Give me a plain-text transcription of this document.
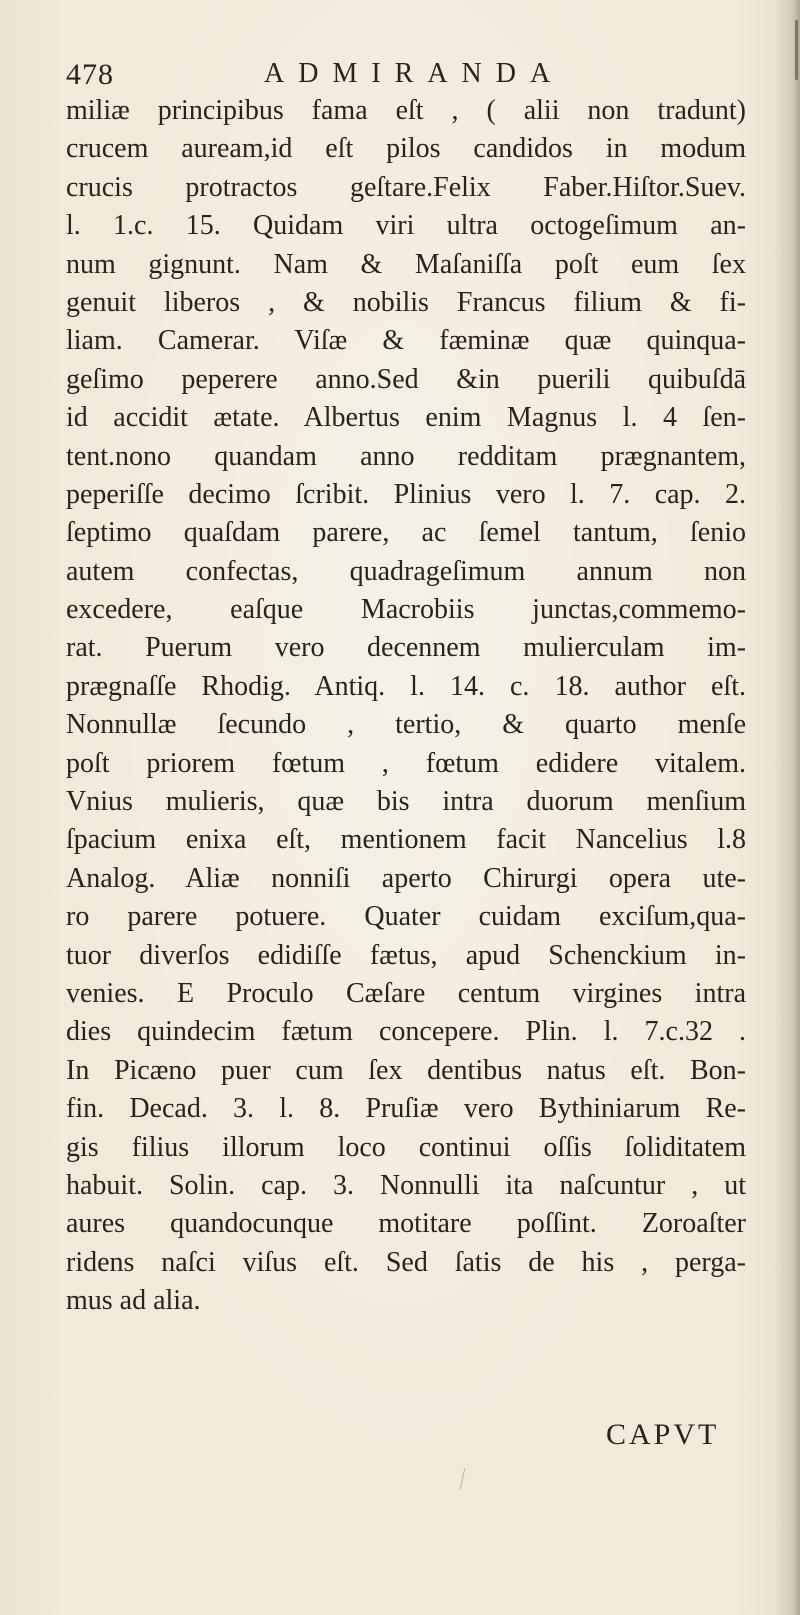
478	ADMIRANDA
miliæ principibus fama eſt , ( alii non tradunt)
crucem auream,id eſt pilos candidos in modum
crucis protractos geſtare.Felix Faber.Hiſtor.Suev.
l. 1.c. 15. Quidam viri ultra octogeſimum an-
num gignunt. Nam & Maſaniſſa poſt eum ſex
genuit liberos , & nobilis Francus filium & fi-
liam. Camerar. Viſæ & fæminæ quæ quinqua-
geſimo peperere anno.Sed &in puerili quibuſdā
id accidit ætate. Albertus enim Magnus l. 4 ſen-
tent.nono quandam anno redditam prægnantem,
peperiſſe decimo ſcribit. Plinius vero l. 7. cap. 2.
ſeptimo quaſdam parere, ac ſemel tantum, ſenio
autem confectas, quadrageſimum annum non
excedere, eaſque Macrobiis junctas,commemo-
rat. Puerum vero decennem mulierculam im-
prægnaſſe Rhodig. Antiq. l. 14. c. 18. author eſt.
Nonnullæ ſecundo , tertio, & quarto menſe
poſt priorem fœtum , fœtum edidere vitalem.
Vnius mulieris, quæ bis intra duorum menſium
ſpacium enixa eſt, mentionem facit Nancelius l.8
Analog. Aliæ nonniſi aperto Chirurgi opera ute-
ro parere potuere. Quater cuidam exciſum,qua-
tuor diverſos edidiſſe fætus, apud Schenckium in-
venies. E Proculo Cæſare centum virgines intra
dies quindecim fætum concepere. Plin. l. 7.c.32 .
In Picæno puer cum ſex dentibus natus eſt. Bon-
fin. Decad. 3. l. 8. Pruſiæ vero Bythiniarum Re-
gis filius illorum loco continui oſſis ſoliditatem
habuit. Solin. cap. 3. Nonnulli ita naſcuntur , ut
aures quandocunque motitare poſſint. Zoroaſter
ridens naſci viſus eſt. Sed ſatis de his , perga-
mus ad alia.
CAPVT
